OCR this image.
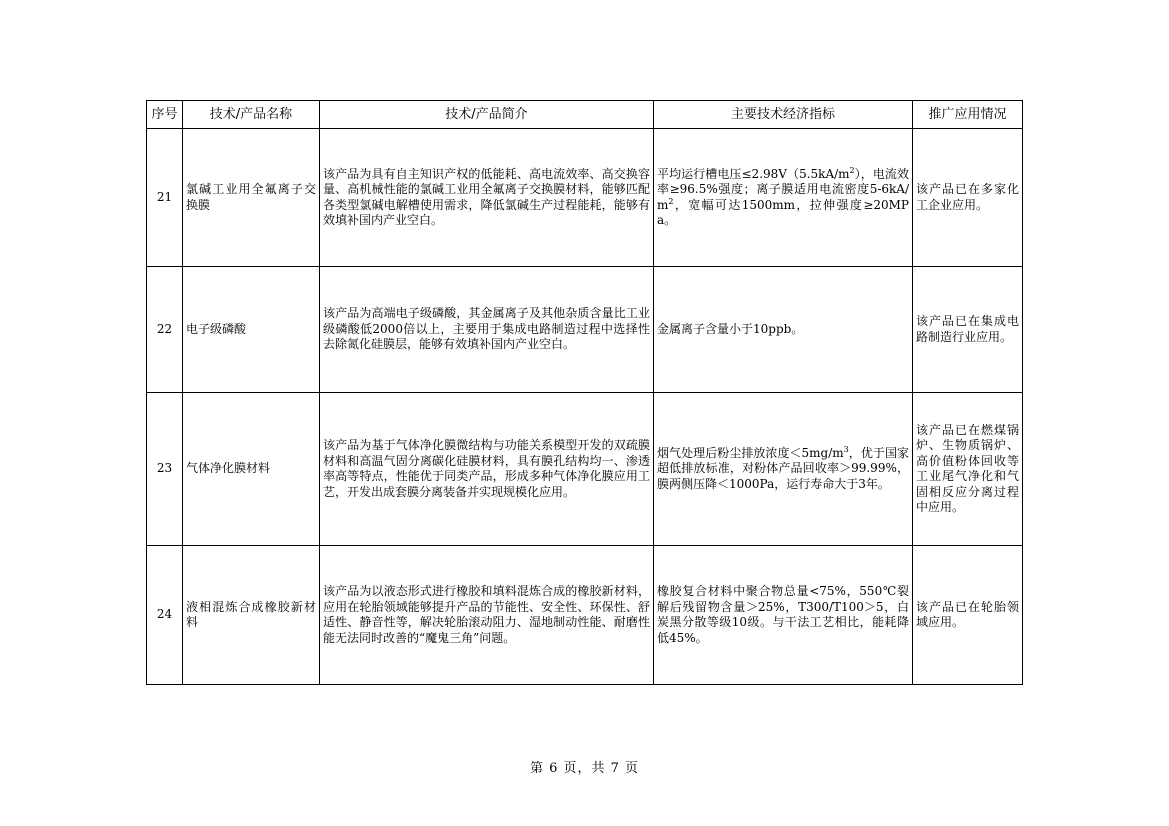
序号	技术/产品名称	技术/产品简介	主要技术经济指标	推广应用情况
21	氯碱工业用全氟离子交换膜	该产品为具有自主知识产权的低能耗、高电流效率、高交换容量、高机械性能的氯碱工业用全氟离子交换膜材料，能够匹配各类型氯碱电解槽使用需求，降低氯碱生产过程能耗，能够有效填补国内产业空白。	平均运行槽电压$\le 2.98V(5.5kA/m^2)$，电流效率≥96.5%强度；离子膜适用电流密度$5-6kA/m^2$，宽幅可达1500mm，拉伸强度≥20MPa。	该产品已在多家化工企业应用。
22	电子级磷酸	该产品为高端电子级磷酸，其金属离子及其他杂质含量比工业级磷酸低2000倍以上，主要用于集成电路制造过程中选择性去除氮化硅膜层，能够有效填补国内产业空白。	金属离子含量小于10ppb。	该产品已在集成电路制造行业应用。
23	气体净化膜材料	该产品为基于气体净化膜微结构与功能关系模型开发的双疏膜材料和高温气固分离碳化硅膜材料，具有膜孔结构均一、渗透率高等特点，性能优于同类产品，形成多种气体净化膜应用工艺，开发出成套膜分离装备并实现规模化应用。	烟气处理后粉尘排放浓度$<5mg/m^3$，优于国家超低排放标准，对粉体产品回收率＞99.99%，膜两侧压降＜1000Pa，运行寿命大于3年。	该产品已在燃煤锅炉、生物质锅炉、高价值粉体回收等工业尾气净化和气固相反应分离过程中应用。
24	液相混炼合成橡胶新材料	该产品为以液态形式进行橡胶和填料混炼合成的橡胶新材料，应用在轮胎领域能够提升产品的节能性、安全性、环保性、舒适性、静音性等，解决轮胎滚动阻力、湿地制动性能、耐磨性能无法同时改善的“魔鬼三角”问题。	橡胶复合材料中聚合物总量<75%，550℃裂解后残留物含量＞25%，T300/T100＞5，白炭黑分散等级10级。与干法工艺相比，能耗降低45%。	该产品已在轮胎领域应用。
第 6 页，共 7 页
